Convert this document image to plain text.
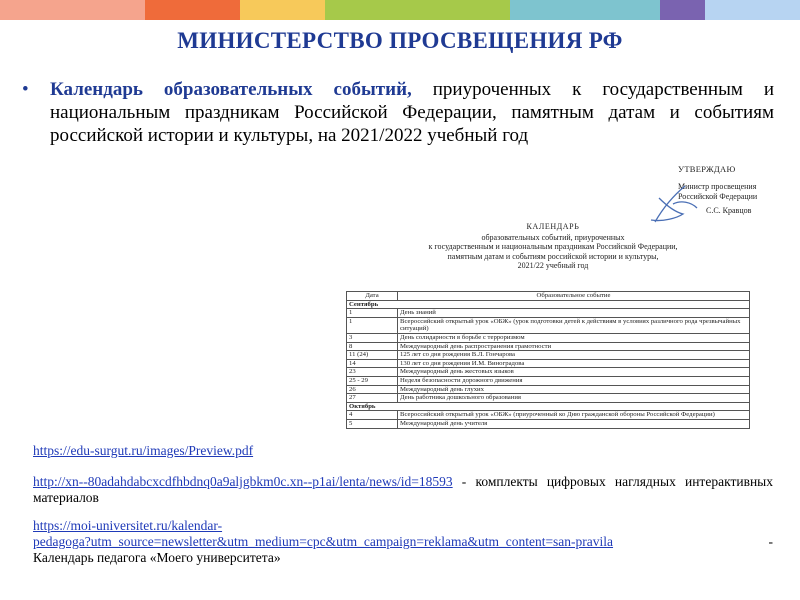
МИНИСТЕРСТВО ПРОСВЕЩЕНИЯ РФ
• Календарь образовательных событий, приуроченных к государственным и национальным праздникам Российской Федерации, памятным датам и событиям российской истории и культуры, на 2021/2022 учебный год
УТВЕРЖДАЮ
Министр просвещения
Российской Федерации
С.С. Кравцов
КАЛЕНДАРЬ
образовательных событий, приуроченных
к государственным и национальным праздникам Российской Федерации,
памятным датам и событиям российской истории и культуры,
2021/22 учебный год
Дата	Образовательное событие
Сентябрь	
1	День знаний
1	Всероссийский открытый урок «ОБЖ» (урок подготовки детей к действиям в условиях различного рода чрезвычайных ситуаций)
3	День солидарности в борьбе с терроризмом
8	Международный день распространения грамотности
11 (24)	125 лет со дня рождения В.Л. Гончарова
14	130 лет со дня рождения И.М. Виноградова
23	Международный день жестовых языков
25 - 29	Неделя безопасности дорожного движения
26	Международный день глухих
27	День работника дошкольного образования
Октябрь	
4	Всероссийский открытый урок «ОБЖ» (приуроченный ко Дню гражданской обороны Российской Федерации)
5	Международный день учителя
https://edu-surgut.ru/images/Preview.pdf
http://xn--80adahdabcxcdfhbdnq0a9aljgbkm0c.xn--p1ai/lenta/news/id=18593 - комплекты цифровых наглядных интерактивных материалов
https://moi-universitet.ru/kalendar-
pedagoga?utm_source=newsletter&utm_medium=cpc&utm_campaign=reklama&utm_content=san-pravila	-
Календарь педагога «Моего университета»
